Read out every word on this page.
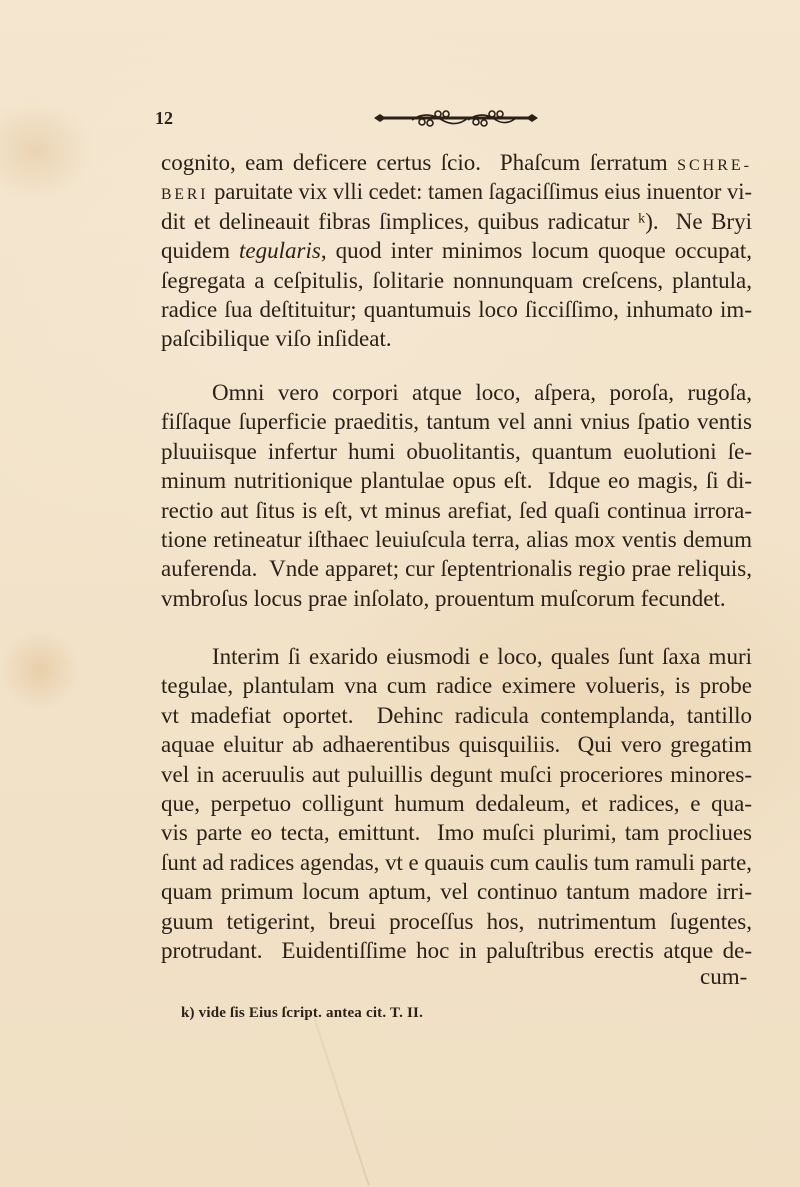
12
cognito, eam deficere certus ſcio.  Phaſcum ſerratum SCHRE-
BERI paruitate vix vlli cedet: tamen ſagaciſſimus eius inuentor vi-
dit et delineauit fibras ſimplices, quibus radicatur ᵏ).  Ne Bryi
quidem tegularis, quod inter minimos locum quoque occupat,
ſegregata a ceſpitulis, ſolitarie nonnunquam creſcens, plantula,
radice ſua deſtituitur; quantumuis loco ſicciſſimo, inhumato im-
paſcibilique viſo inſideat.
Omni vero corpori atque loco, aſpera, poroſa, rugoſa,
fiſſaque ſuperficie praeditis, tantum vel anni vnius ſpatio ventis
pluuiisque infertur humi obuolitantis, quantum euolutioni ſe-
minum nutritionique plantulae opus eſt.  Idque eo magis, ſi di-
rectio aut ſitus is eſt, vt minus arefiat, ſed quaſi continua irrora-
tione retineatur iſthaec leuiuſcula terra, alias mox ventis demum
auferenda.  Vnde apparet; cur ſeptentrionalis regio prae reliquis,
vmbroſus locus prae inſolato, prouentum muſcorum fecundet.
Interim ſi exarido eiusmodi e loco, quales ſunt ſaxa muri
tegulae, plantulam vna cum radice eximere volueris, is probe
vt madefiat oportet.  Dehinc radicula contemplanda, tantillo
aquae eluitur ab adhaerentibus quisquiliis.  Qui vero gregatim
vel in aceruulis aut puluillis degunt muſci proceriores minores-
que, perpetuo colligunt humum dedaleum, et radices, e qua-
vis parte eo tecta, emittunt.  Imo muſci plurimi, tam procliues
ſunt ad radices agendas, vt e quauis cum caulis tum ramuli parte,
quam primum locum aptum, vel continuo tantum madore irri-
guum tetigerint, breui proceſſus hos, nutrimentum ſugentes,
protrudant.  Euidentiſſime hoc in paluſtribus erectis atque de-
cum-
k) vide ſis Eius ſcript. antea cit. T. II.
